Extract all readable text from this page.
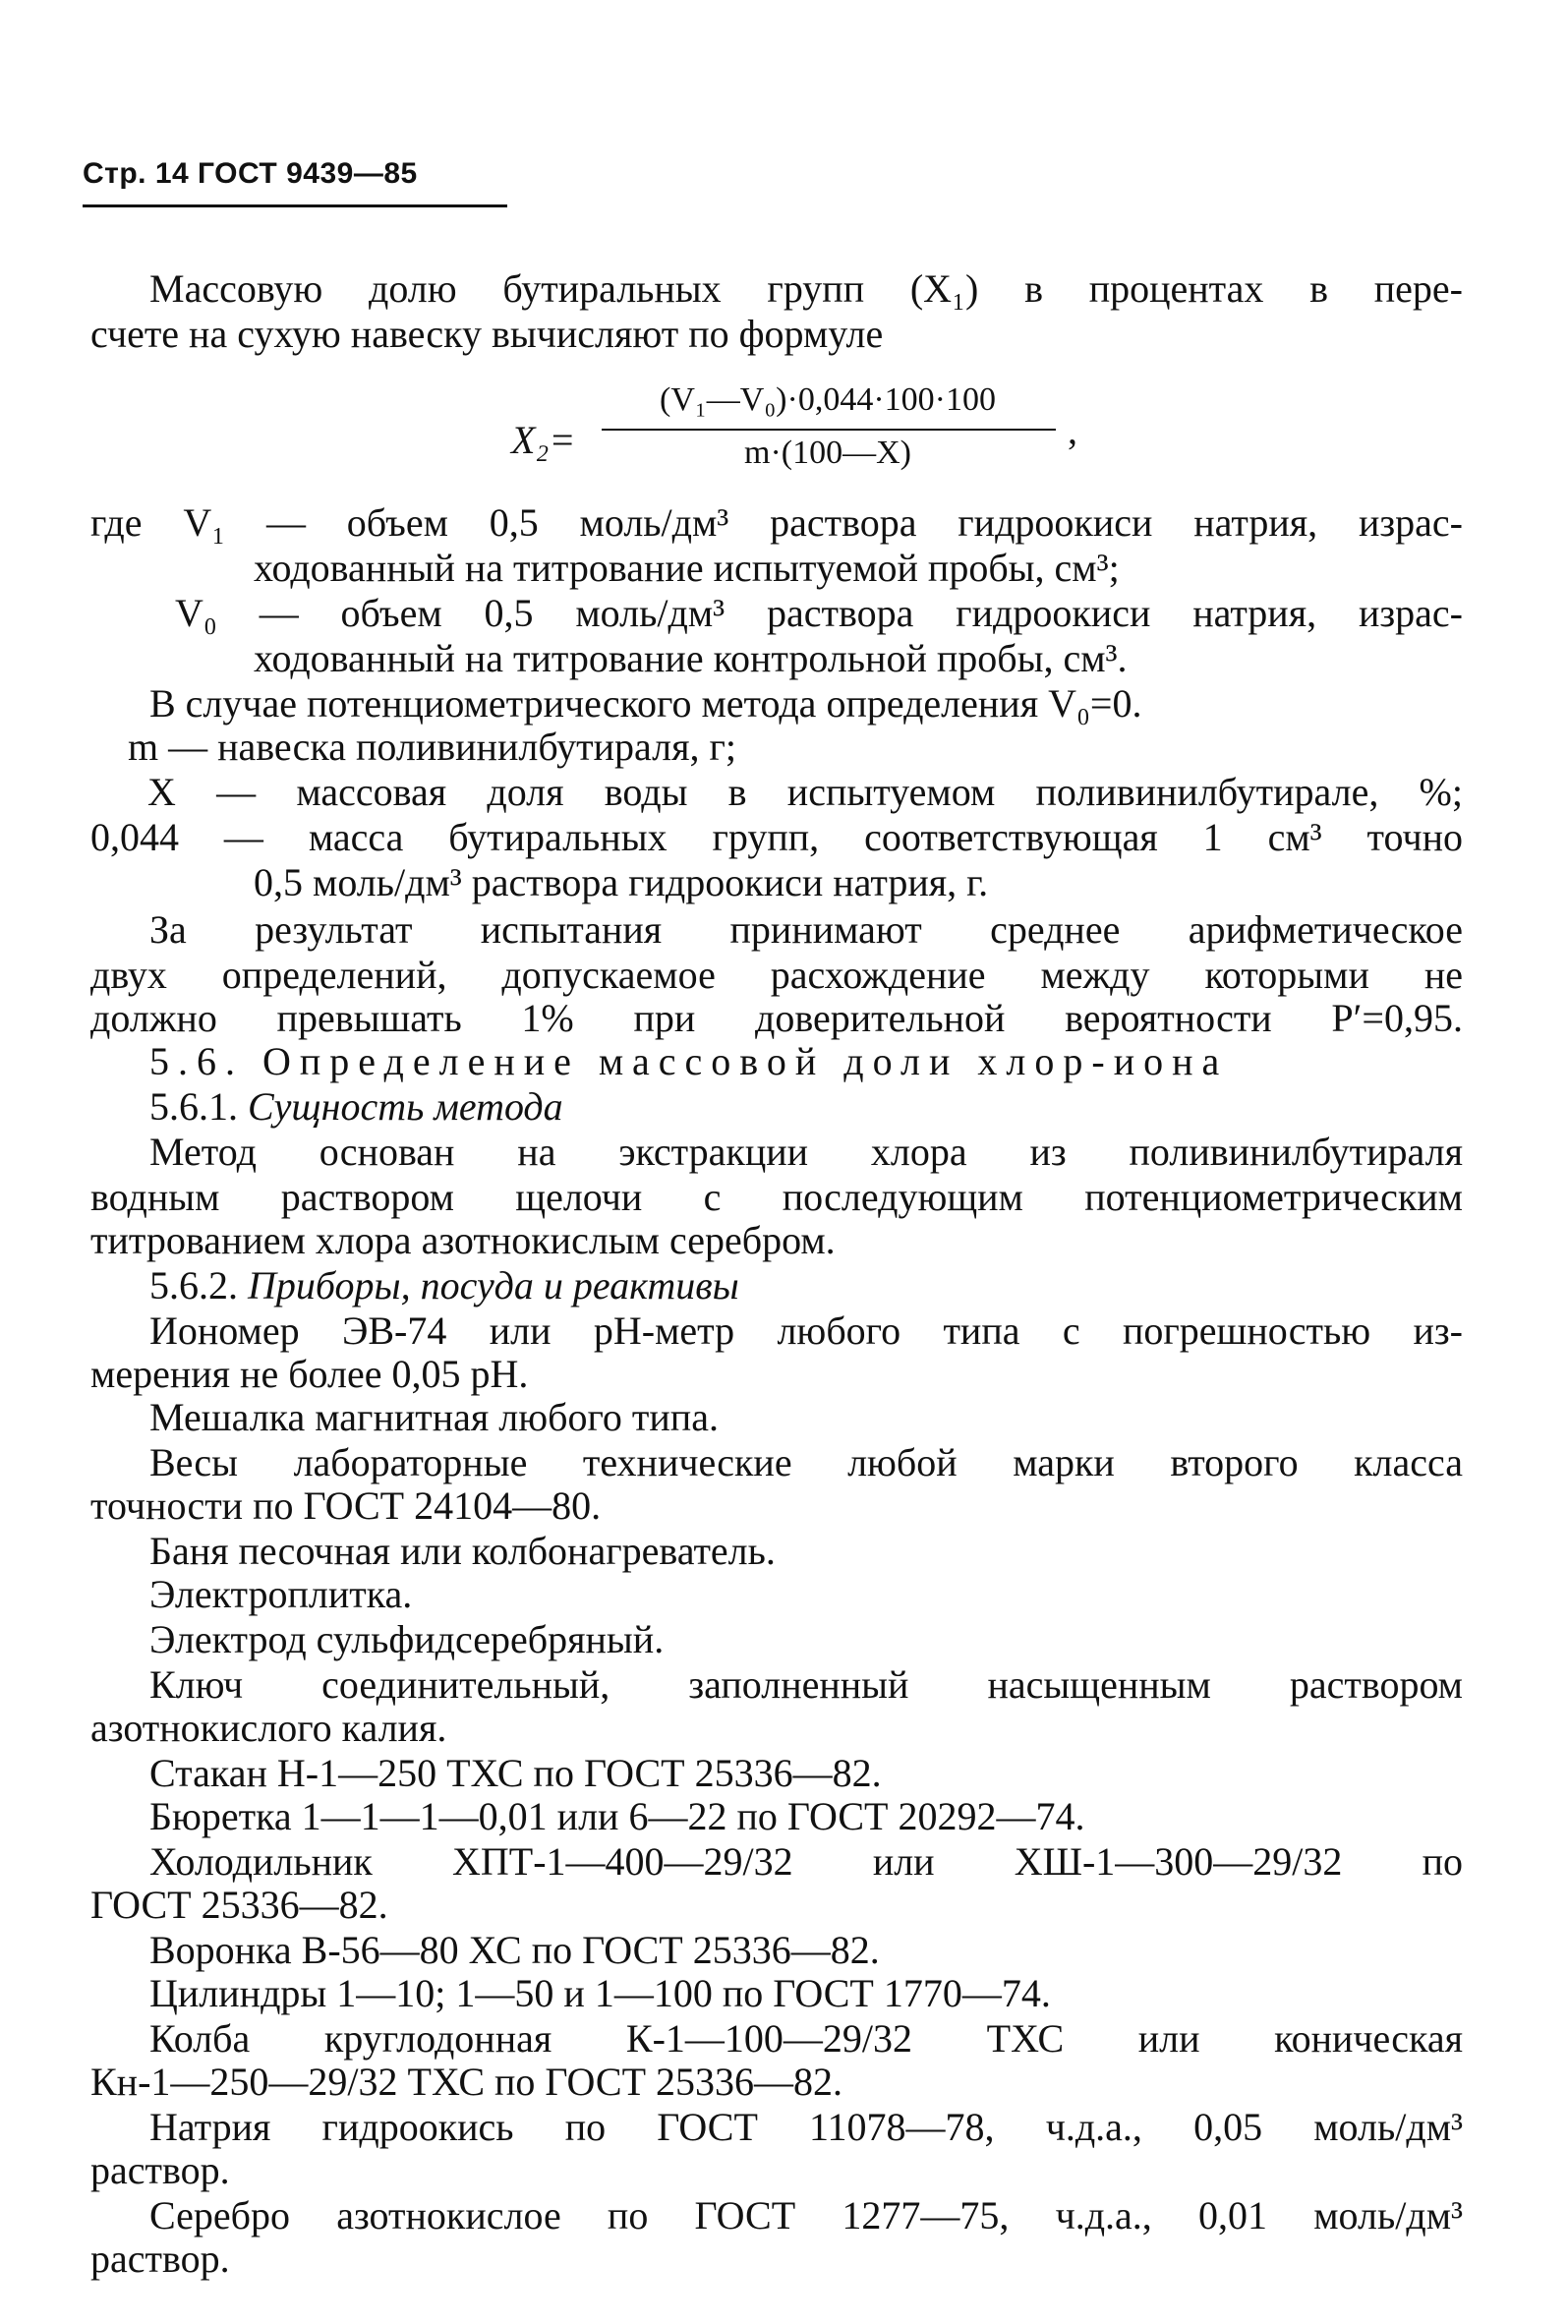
Стр. 14 ГОСТ 9439—85
Массовую долю бутиральных групп (X₁) в процентах в пере-
счете на сухую навеску вычисляют по формуле
X₂=
(V₁—V₀)·0,044·100·100
m·(100—X)
,
где V₁ — объем 0,5 моль/дм³ раствора гидроокиси натрия, израс-
ходованный на титрование испытуемой пробы, см³;
V₀ — объем 0,5 моль/дм³ раствора гидроокиси натрия, израс-
ходованный на титрование контрольной пробы, см³.
В случае потенциометрического метода определения V₀=0.
m — навеска поливинилбутираля, г;
X — массовая доля воды в испытуемом поливинилбутирале, %;
0,044 — масса бутиральных групп, соответствующая 1 см³ точно
0,5 моль/дм³ раствора гидроокиси натрия, г.
За результат испытания принимают среднее арифметическое
двух определений, допускаемое расхождение между которыми не
должно превышать 1% при доверительной вероятности P′=0,95.
5.6. Определение массовой доли хлор-иона
5.6.1. Сущность метода
Метод основан на экстракции хлора из поливинилбутираля
водным раствором щелочи с последующим потенциометрическим
титрованием хлора азотнокислым серебром.
5.6.2. Приборы, посуда и реактивы
Иономер ЭВ-74 или pH-метр любого типа с погрешностью из-
мерения не более 0,05 pH.
Мешалка магнитная любого типа.
Весы лабораторные технические любой марки второго класса
точности по ГОСТ 24104—80.
Баня песочная или колбонагреватель.
Электроплитка.
Электрод сульфидсеребряный.
Ключ соединительный, заполненный насыщенным раствором
азотнокислого калия.
Стакан Н-1—250 ТХС по ГОСТ 25336—82.
Бюретка 1—1—1—0,01 или 6—22 по ГОСТ 20292—74.
Холодильник ХПТ-1—400—29/32 или ХШ-1—300—29/32 по
ГОСТ 25336—82.
Воронка В-56—80 ХС по ГОСТ 25336—82.
Цилиндры 1—10; 1—50 и 1—100 по ГОСТ 1770—74.
Колба круглодонная К-1—100—29/32 ТХС или коническая
Кн-1—250—29/32 ТХС по ГОСТ 25336—82.
Натрия гидроокись по ГОСТ 11078—78, ч.д.а., 0,05 моль/дм³
раствор.
Серебро азотнокислое по ГОСТ 1277—75, ч.д.а., 0,01 моль/дм³
раствор.
